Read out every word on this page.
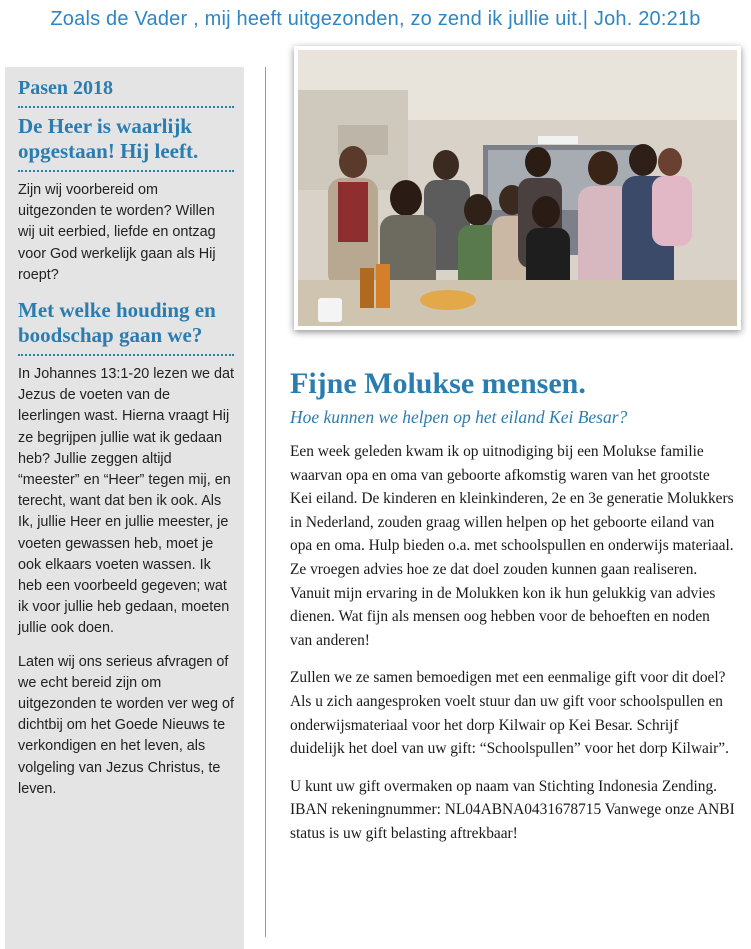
Zoals de Vader , mij heeft uitgezonden, zo zend ik jullie uit.| Joh. 20:21b
Pasen 2018
De Heer is waarlijk opgestaan! Hij leeft.

Zijn wij voorbereid om uitgezonden te worden? Willen wij uit eerbied, liefde en ontzag voor God werkelijk gaan als Hij roept?

Met welke houding en boodschap gaan we?

In Johannes 13:1-20 lezen we dat Jezus de voeten van de leerlingen wast. Hierna vraagt Hij ze begrijpen jullie wat ik gedaan heb? Jullie zeggen altijd “meester” en “Heer” tegen mij, en terecht, want dat ben ik ook. Als Ik, jullie Heer en jullie meester, je voeten gewassen heb, moet je ook elkaars voeten wassen. Ik heb een voorbeeld gegeven; wat ik voor jullie heb gedaan, moeten jullie ook doen.

Laten wij ons serieus afvragen of we echt bereid zijn om uitgezonden te worden ver weg of dichtbij om het Goede Nieuws te verkondigen en het leven, als volgeling van Jezus Christus, te leven.

Fijne Molukse mensen.
Hoe kunnen we helpen op het eiland Kei Besar?

Een week geleden kwam ik op uitnodiging bij een Molukse familie waarvan opa en oma van geboorte afkomstig waren van het grootste Kei eiland. De kinderen en kleinkinderen, 2e en 3e generatie Molukkers in Nederland, zouden graag willen helpen op het geboorte eiland van opa en oma. Hulp bieden o.a. met schoolspullen en onderwijs materiaal. Ze vroegen advies hoe ze dat doel zouden kunnen gaan realiseren. Vanuit mijn ervaring in de Molukken kon ik hun gelukkig van advies dienen. Wat fijn als mensen oog hebben voor de behoeften en noden van anderen!

Zullen we ze samen bemoedigen met een eenmalige gift voor dit doel? Als u zich aangesproken voelt stuur dan uw gift voor schoolspullen en onderwijsmateriaal voor het dorp Kilwair op Kei Besar. Schrijf duidelijk het doel van uw gift: “Schoolspullen” voor het dorp Kilwair”.

U kunt uw gift overmaken op naam van Stichting Indonesia Zending. IBAN rekeningnummer: NL04ABNA0431678715 Vanwege onze ANBI status is uw gift belasting aftrekbaar!
